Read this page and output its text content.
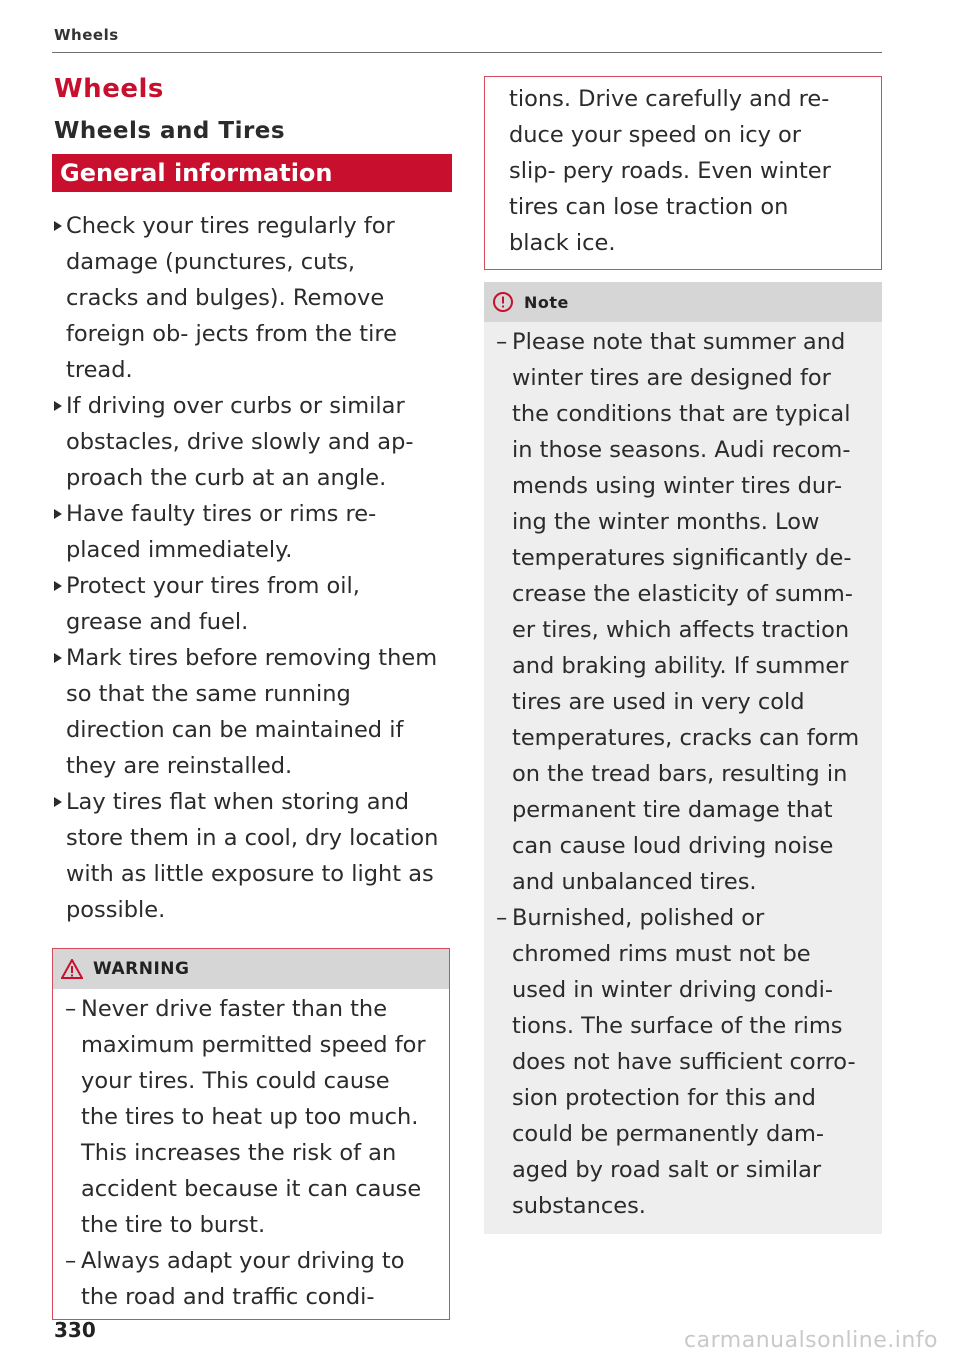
Wheels
Wheels
Wheels and Tires
General information
Check your tires regularly for damage (punctures, cuts, cracks and bulges). Remove foreign ob- jects from the tire tread.
If driving over curbs or similar obstacles, drive slowly and ap- proach the curb at an angle.
Have faulty tires or rims re- placed immediately.
Protect your tires from oil, grease and fuel.
Mark tires before removing them so that the same running direction can be maintained if they are reinstalled.
Lay tires flat when storing and store them in a cool, dry location with as little exposure to light as possible.
WARNING
– Never drive faster than the maximum permitted speed for your tires. This could cause the tires to heat up too much. This increases the risk of an accident because it can cause the tire to burst.
– Always adapt your driving to the road and traffic condi-

tions. Drive carefully and re- duce your speed on icy or slip- pery roads. Even winter tires can lose traction on black ice.

Note
– Please note that summer and winter tires are designed for the conditions that are typical in those seasons. Audi recom- mends using winter tires dur- ing the winter months. Low temperatures significantly de- crease the elasticity of summ- er tires, which affects traction and braking ability. If summer tires are used in very cold temperatures, cracks can form on the tread bars, resulting in permanent tire damage that can cause loud driving noise and unbalanced tires.
– Burnished, polished or chromed rims must not be used in winter driving condi- tions. The surface of the rims does not have sufficient corro- sion protection for this and could be permanently dam- aged by road salt or similar substances.
330	carmanualsonline.info
